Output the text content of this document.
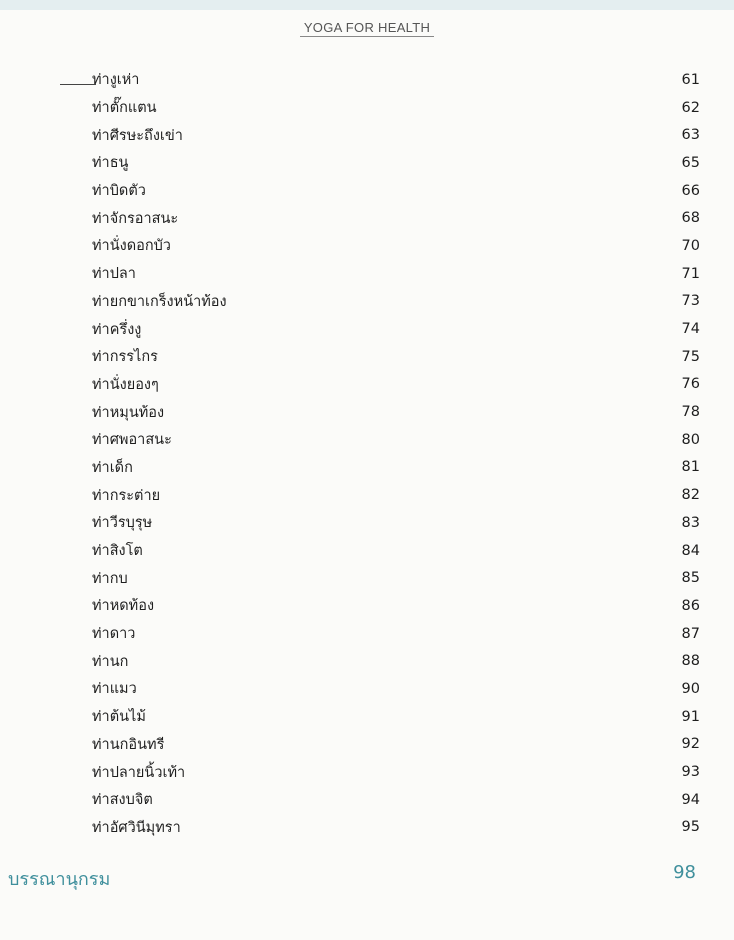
YOGA FOR HEALTH
ท่างูเห่า	61
ท่าตั๊กแตน	62
ท่าศีรษะถึงเข่า	63
ท่าธนู	65
ท่าบิดตัว	66
ท่าจักรอาสนะ	68
ท่านั่งดอกบัว	70
ท่าปลา	71
ท่ายกขาเกร็งหน้าท้อง	73
ท่าครึ่งงู	74
ท่ากรรไกร	75
ท่านั่งยองๆ	76
ท่าหมุนท้อง	78
ท่าศพอาสนะ	80
ท่าเด็ก	81
ท่ากระต่าย	82
ท่าวีรบุรุษ	83
ท่าสิงโต	84
ท่ากบ	85
ท่าหดท้อง	86
ท่าดาว	87
ท่านก	88
ท่าแมว	90
ท่าต้นไม้	91
ท่านกอินทรี	92
ท่าปลายนิ้วเท้า	93
ท่าสงบจิต	94
ท่าอัศวินีมุทรา	95
บรรณานุกรม	98
